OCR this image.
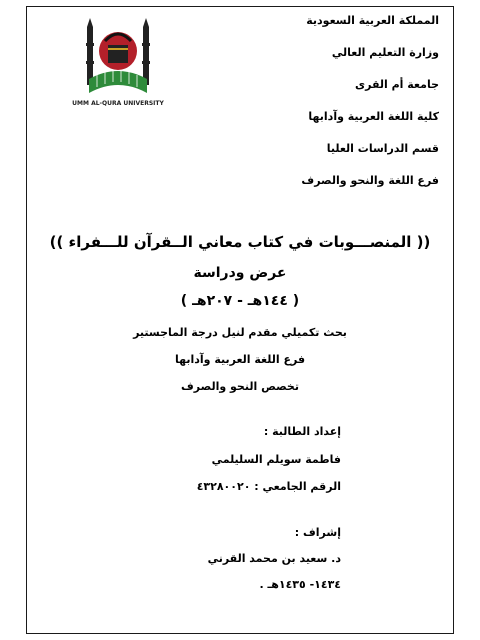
المملكة العربية السعودية
وزارة التعليم العالي
جامعة أم القرى
كلية اللغة العربية وآدابها
قسم الدراسات العليا
فرع اللغة والنحو والصرف
UMM AL-QURA UNIVERSITY
(( المنصـــوبات في كتاب معاني الــقرآن للـــفراء ))
عرض ودراسة
( ١٤٤هـ - ٢٠٧هـ )
بحث تكميلي مقدم لنيل درجة الماجستير
فرع اللغة العربية وآدابها
تخصص النحو والصرف
إعداد الطالبة :
فاطمة سويلم السليلمي
الرقم الجامعي : ٤٣٢٨٠٠٢٠
إشراف :
د. سعيد بن محمد القرني
١٤٣٤- ١٤٣٥هـ .
